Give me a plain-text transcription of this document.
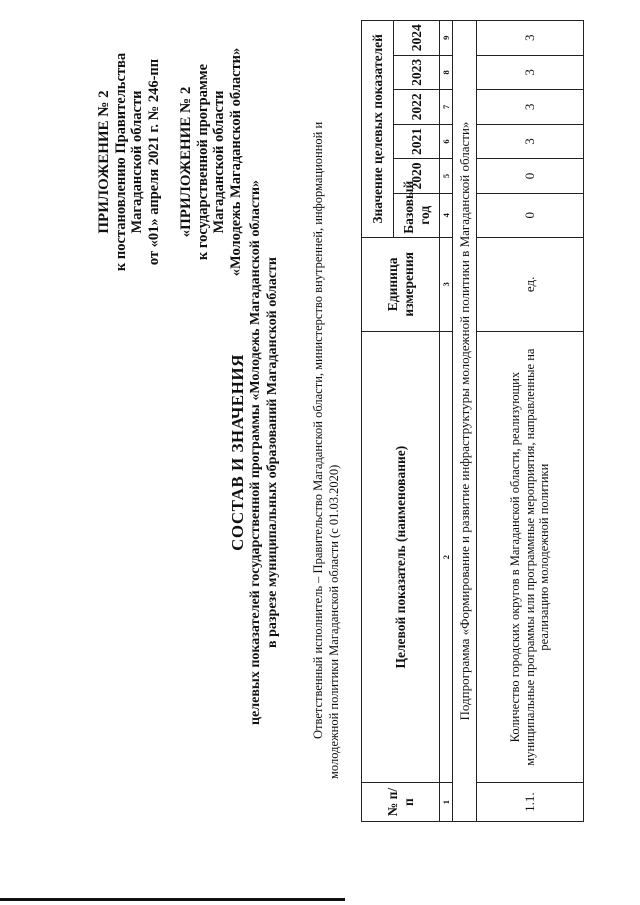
ПРИЛОЖЕНИЕ № 2 к постановлению Правительства Магаданской области от «01» апреля 2021 г. № 246-пп «ПРИЛОЖЕНИЕ № 2 к государственной программе Магаданской области «Молодежь Магаданской области»
СОСТАВ И ЗНАЧЕНИЯ целевых показателей государственной программы «Молодежь Магаданской области» в разрезе муниципальных образований Магаданской области Ответственный исполнитель – Правительство Магаданской области, министерство внутренней, информационной и молодежной политики Магаданской области (с 01.03.2020)
№ п/п	Целевой показатель (наименование)	Единица измерения	Значение целевых показателей					
			Базовый год	2020	2021	2022	2023	2024
1	2	3	4	5	6	7	8	9
Подпрограмма «Формирование и развитие инфраструктуры молодежной политики в Магаданской области»								
1.1.	Количество городских округов в Магаданской области, реализующих муниципальные программы или программные мероприятия, направленные на реализацию молодежной политики	ед.	0	0	3	3	3	3
